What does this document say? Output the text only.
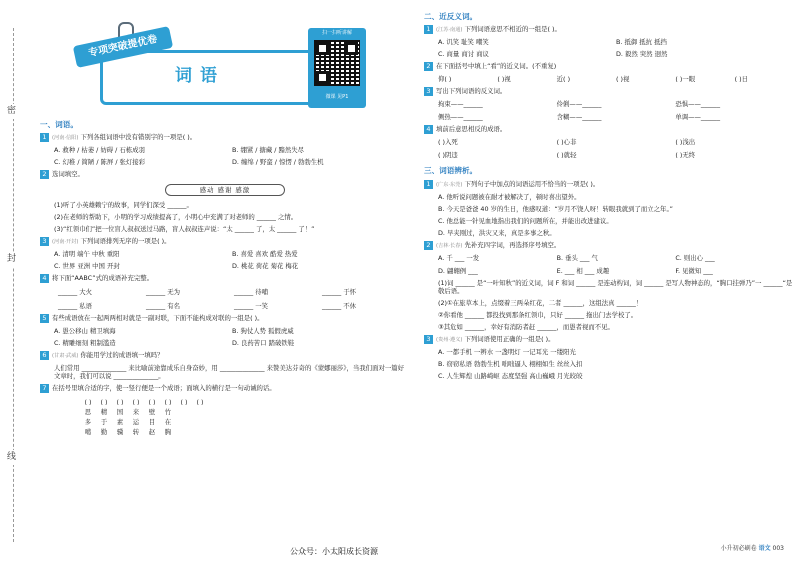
密
封
线
专项突破提优卷
词语
扫一扫听讲解
微课 见P1
一、词语。
1	(河南·信阳) 下列各组词语中没有错别字的一项是( )。
A. 救种 / 枯萎 / 妨碍 / 石栋成羽	B. 绷紧 / 搪藏 / 黯然失尽
C. 幻稚 / 简陋 / 陈屏 / 张灯接彩	D. 缠绵 / 野蛮 / 惊愣 / 勃勃生机
2 选词填空。
感动 感谢 感激
(1)听了小英雄赖宁的故事，同学们深受 ______。
(2)在老师的帮助下，小明的学习成绩提高了，小明心中充满了对老师的 ______ 之情。
(3)“红领巾们”把一位盲人叔叔送过马路，盲人叔叔连声说：“太 ______ 了，太 ______ 了！”
3	(河南·开封) 下列词语排列无序的一项是( )。
A. 清明 端午 中秋 重阳	B. 喜爱 喜欢 酷爱 热爱
C. 世界 亚洲 中国 开封	D. 桃花 荷花 菊花 梅花
4 将下面“AABC”式的成语补充完整。
______ 大火	______ 无为	______ 待哺	______ 于怀
______ 私语	______ 有名	______ 一笑	______ 不休
5 有些成语放在一起两两相对就是一副对联，下面不能构成对联的一组是( )。
A. 愚公移山 精卫填海	B. 狗仗人势 狐假虎威
C. 精雕细刻 粗制滥造	D. 良药苦口 踏破铁鞋
6	(甘肃·武威) 你能用学过的成语填一填吗？
人们常用 ______________ 来比喻前途靠成乐自身奋妙，用 ______________ 来赞美达芬奇的《蒙娜丽莎》，当我们面对一篇好文章时，我们可以说 ______________。
7 在括号里填合适的字，使一竖行便是一个成语；面填入的横行是一句动诫的话。
( )	( )	( )	( )	( )	( )	( )	( )
思	精	国	来	壁	竹
多	于	素	运	目	在
噶	勤	骥	转	赵	胸
二、近反义词。
1	(江苏·南通) 下列词语意思不相近的一组是( )。
A. 讥笑 耻笑 嘲笑	B. 抵御 抵抗 抵挡
C. 商量 商讨 商议	D. 毅然 突然 迥然
2 在下面括号中填上“看”的近义词。(不重复)
仰( )	( )视	近( )	( )视	( )一眼	( )日
3 写出下列词语的反义词。
拘束——______	伶俐——______	恐惧——______
侧热——______	含糊——______	单调——______
4 填前后意思相反的成语。
( )入死	( )心非	( )浅出
( )阴违	( )就轻	( )无终
三、词语辨析。
1	(广东·东莞) 下列句子中加点的词语运用不恰当的一项是( )。
A. 他听说问题被在耐才被解决了，顿时喜出望外。
B. 今天是爸爸 40 岁的生日，他感叹道：“岁月不饶人呀！转眼我就到了而立之年。”
C. 他总能一针见血地指出我们的问题所在，并能出改进建议。
D. 早夹刚过，洪灾又来，真是多事之秋。
2	(吉林·长春) 先补充四字词，再选择序号填空。
A. 千 ___ 一发	B. 垂头 ___ 气	C. 则出心 ___
D. 翩翱例 ___	E. ___ 相 ___ 成趣	F. 见微知 ___
(1)词 ______ 是“一叶知秋”的近义词，词 F 和词 ______ 是连动构词，词 ______ 是写人物神态的，“胸口挂弹乃”一 ______“是敬后语。
(2)①在旅草本上，点缀着三两朵红花，二者 ______，这组法真 ______！
②你看他 ______ 都投找到那条红领巾，只好 ______ 拖出门去学校了。
③其危如 ______，幸好有消防者赶 ______，而愚者视而不见。
3	(贵州·遵义) 下列词语使用正确的一组是( )。
A. 一都手机 一辨水 一盏明灯 一记耳光 一缕阳光
B. 窃窃私语 勃勃生机 咄咄逼人 栩栩如生 丝丝入扣
C. 人生辉煌 山路崎岖 态度坚强 高山巍峨 月光皎皎
小升初必刷卷 语文 003
公众号：小太阳成长资源
